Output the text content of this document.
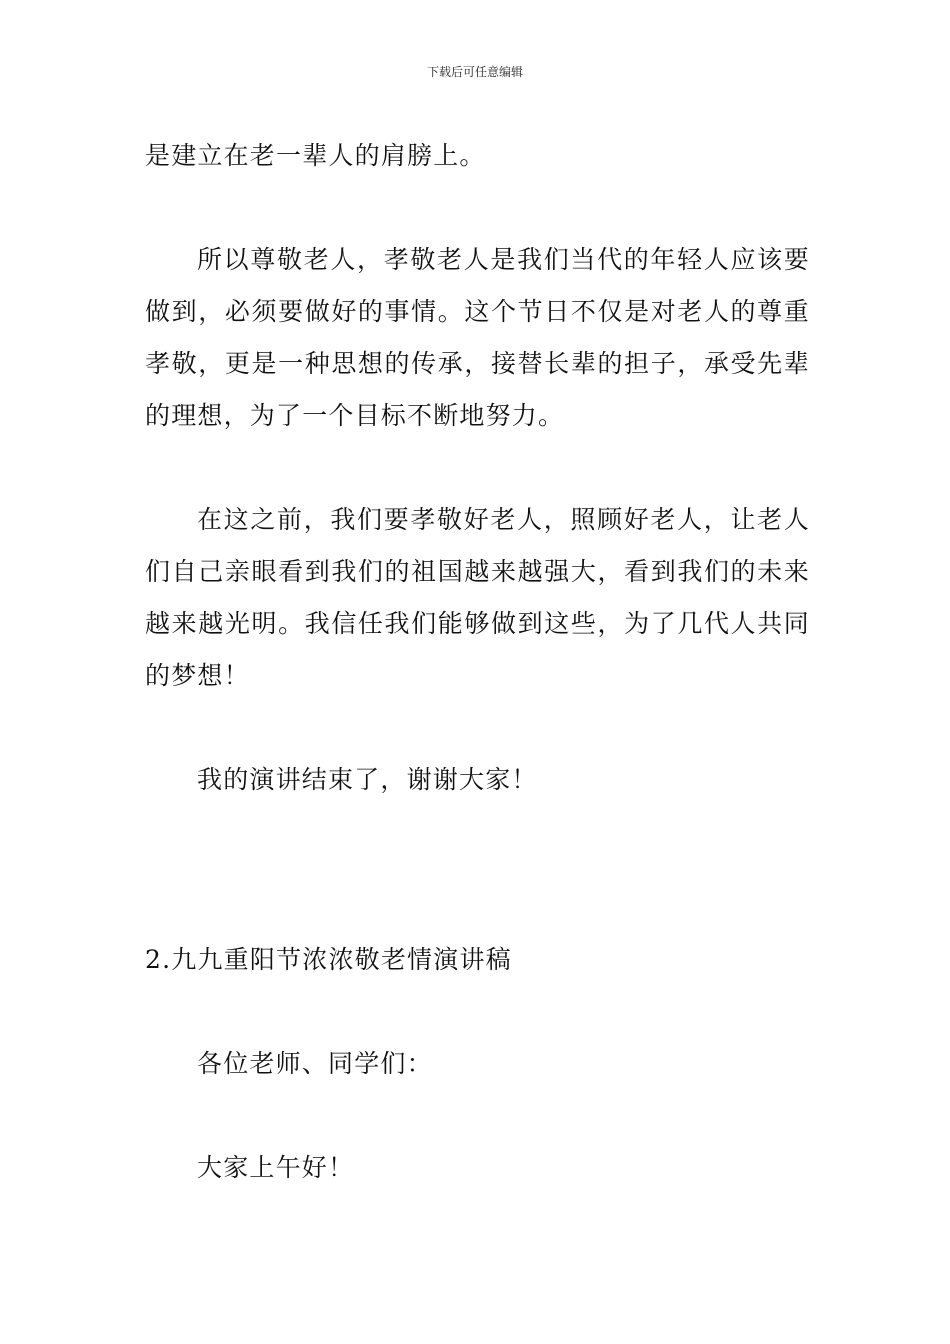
下载后可任意编辑

是建立在老一辈人的肩膀上。

所以尊敬老人，孝敬老人是我们当代的年轻人应该要做到，必须要做好的事情。这个节日不仅是对老人的尊重孝敬，更是一种思想的传承，接替长辈的担子，承受先辈的理想，为了一个目标不断地努力。

在这之前，我们要孝敬好老人，照顾好老人，让老人们自己亲眼看到我们的祖国越来越强大，看到我们的未来越来越光明。我信任我们能够做到这些，为了几代人共同的梦想！

我的演讲结束了，谢谢大家！

2.九九重阳节浓浓敬老情演讲稿

各位老师、同学们：

大家上午好！
